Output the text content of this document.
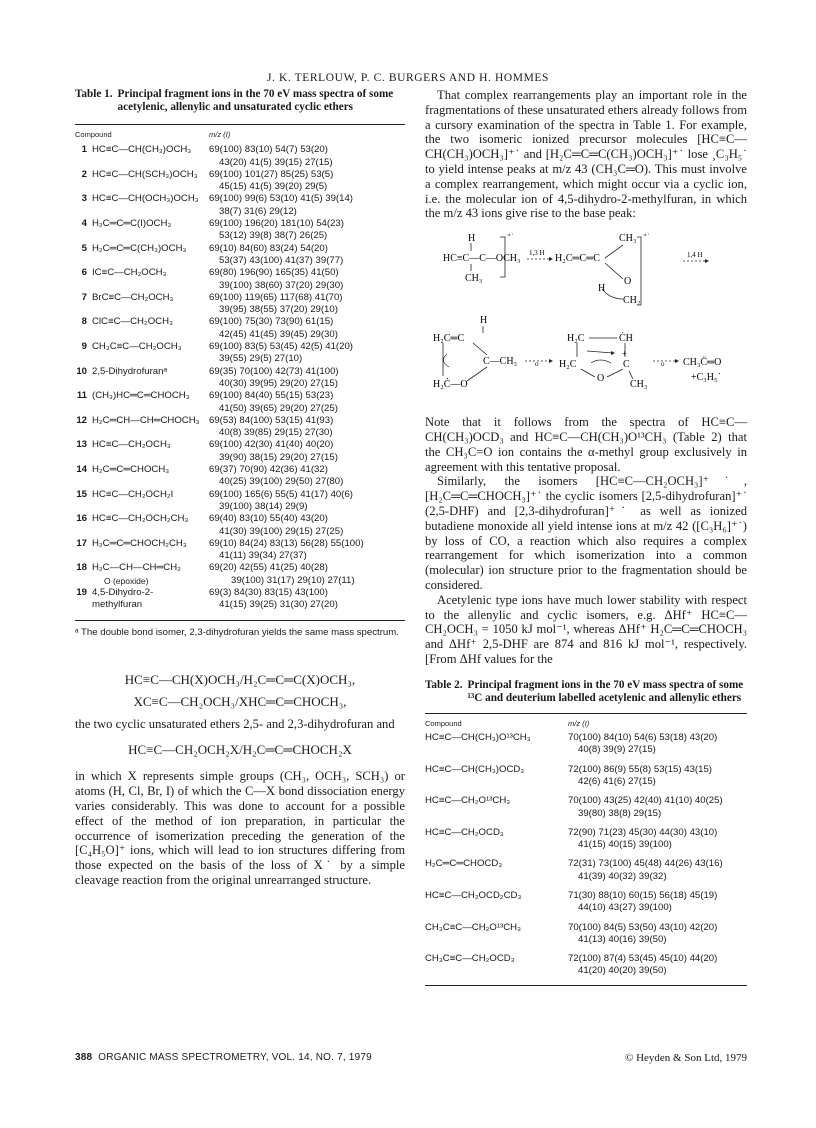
J. K. TERLOUW, P. C. BURGERS AND H. HOMMES
Table 1. Principal fragment ions in the 70 eV mass spectra of some acetylenic, allenylic and unsaturated cyclic ethers
Compound	m/z (I)
1 HC≡C—CH(CH₃)OCH₃	69(100) 83(10) 54(7) 53(20)
43(20) 41(5) 39(15) 27(15)
2 HC≡C—CH(SCH₃)OCH₃	69(100) 101(27) 85(25) 53(5)
45(15) 41(5) 39(20) 29(5)
3 HC≡C—CH(OCH₃)OCH₃	69(100) 99(6) 53(10) 41(5) 39(14)
38(7) 31(6) 29(12)
4 H₂C═C═C(I)OCH₃	69(100) 196(20) 181(10) 54(23)
53(12) 39(8) 38(7) 26(25)
5 H₂C═C═C(CH₃)OCH₃	69(10) 84(60) 83(24) 54(20)
53(37) 43(100) 41(37) 39(77)
6 IC≡C—CH₂OCH₃	69(80) 196(90) 165(35) 41(50)
39(100) 38(60) 37(20) 29(30)
7 BrC≡C—CH₂OCH₃	69(100) 119(65) 117(68) 41(70)
39(95) 38(55) 37(20) 29(10)
8 ClC≡C—CH₂OCH₃	69(100) 75(30) 73(90) 61(15)
42(45) 41(45) 39(45) 29(30)
9 CH₃C≡C—CH₂OCH₃	69(100) 83(5) 53(45) 42(5) 41(20)
39(55) 29(5) 27(10)
10 2,5-Dihydrofuranᵃ	69(35) 70(100) 42(73) 41(100)
40(30) 39(95) 29(20) 27(15)
11 (CH₃)HC═C═CHOCH₃	69(100) 84(40) 55(15) 53(23)
41(50) 39(65) 29(20) 27(25)
12 H₂C═CH—CH═CHOCH₃ 69(53) 84(100) 53(15) 41(93)
40(8) 39(85) 29(15) 27(30)
13 HC≡C—CH₂OCH₃	69(100) 42(30) 41(40) 40(20)
39(90) 38(15) 29(20) 27(15)
14 H₂C═C═CHOCH₃	69(37) 70(90) 42(36) 41(32)
40(25) 39(100) 29(50) 27(80)
15 HC≡C—CH₂OCH₂I	69(100) 165(6) 55(5) 41(17) 40(6)
39(100) 38(14) 29(9)
16 HC≡C—CH₂OCH₂CH₃	69(40) 83(10) 55(40) 43(20)
41(30) 39(100) 29(15) 27(25)
17 H₂C═C═CHOCH₂CH₃	69(10) 84(24) 83(13) 56(28) 55(100)
41(11) 39(34) 27(37)
18 H₂C—CH—CH═CH₂	69(20) 42(55) 41(25) 40(28)
O (epoxide)	39(100) 31(17) 29(10) 27(11)
19 4,5-Dihydro-2-	69(3) 84(30) 83(15) 43(100)
methylfuran	41(15) 39(25) 31(30) 27(20)
ᵃ The double bond isomer, 2,3-dihydrofuran yields the same mass spectrum.
HC≡C—CH(X)OCH₃/H₂C═C═C(X)OCH₃,
XC≡C—CH₂OCH₃/XHC═C═CHOCH₃,

the two cyclic unsaturated ethers 2,5- and 2,3-dihydrofuran and

HC≡C—CH₂OCH₂X/H₂C═C═CHOCH₂X

in which X represents simple groups (CH₃, OCH₃, SCH₃) or atoms (H, Cl, Br, I) of which the C—X bond dissociation energy varies considerably. This was done to account for a possible effect of the method of ion preparation, in particular the occurrence of isomerization preceding the generation of the [C₄H₅O]⁺ ions, which will lead to ion structures differing from those expected on the basis of the loss of X˙ by a simple cleavage reaction from the original unrearranged structure.

That complex rearrangements play an important role in the fragmentations of these unsaturated ethers already follows from a cursory examination of the spectra in Table 1. For example, the two isomeric ionized precursor molecules [HC≡C—CH(CH₃)OCH₃]⁺˙ and [H₂C═C═C(CH₃)OCH₃]⁺˙ lose ¸C₃H₅˙ to yield intense peaks at m/z 43 (CH₃C═O). This must involve a complex rearrangement, which might occur via a cyclic ion, i.e. the molecular ion of 4,5-dihydro-2-methylfuran, in which the m/z 43 ions give rise to the base peak:

H
HC≡C—C—OCH₃
CH₃
⁺˙
1,3 H
CH₃
H₂C═C═C
O
H
CH₂
⁺˙
1,4 H
H
H₂C═C
C—CH₃
H₂Ċ—O
o
H₂C	ĊH
H₂C	C
+
O
CH₃
o CH₃C̈═O
+C₃H₅˙

Note that it follows from the spectra of HC≡C—CH(CH₃)OCD₃ and HC≡C—CH(CH₃)O¹³CH₃ (Table 2) that the CH₃C=O ion contains the α-methyl group exclusively in agreement with this tentative proposal.

Similarly, the isomers [HC≡C—CH₂OCH₃]⁺˙, [H₂C═C═CHOCH₃]⁺˙ the cyclic isomers [2,5-dihydrofuran]⁺˙ (2,5-DHF) and [2,3-dihydrofuran]⁺˙ as well as ionized butadiene monoxide all yield intense ions at m/z 42 ([C₃H₆]⁺˙) by loss of CO, a reaction which also requires a complex rearrangement for which isomerization into a common (molecular) ion structure prior to the fragmentation should be considered.

Acetylenic type ions have much lower stability with respect to the allenylic and cyclic isomers, e.g. ΔHf⁺ HC≡C—CH₂OCH₃ = 1050 kJ mol⁻¹, whereas ΔHf⁺ H₂C═C═CHOCH₃ and ΔHf⁺ 2,5-DHF are 874 and 816 kJ mol⁻¹, respectively. [From ΔHf values for the

Table 2. Principal fragment ions in the 70 eV mass spectra of some ¹³C and deuterium labelled acetylenic and allenylic ethers
Compound	m/z (I)
HC≡C—CH(CH₃)O¹³CH₃	70(100) 84(10) 54(6) 53(18) 43(20)
40(8) 39(9) 27(15)
HC≡C—CH(CH₃)OCD₃	72(100) 86(9) 55(8) 53(15) 43(15)
42(6) 41(6) 27(15)
HC≡C—CH₂O¹³CH₃	70(100) 43(25) 42(40) 41(10) 40(25)
39(80) 38(8) 29(15)
HC≡C—CH₂OCD₃	72(90) 71(23) 45(30) 44(30) 43(10)
41(15) 40(15) 39(100)
H₂C═C═CHOCD₃	72(31) 73(100) 45(48) 44(26) 43(16)
41(39) 40(32) 39(32)
HC≡C—CH₂OCD₂CD₃	71(30) 88(10) 60(15) 56(18) 45(19)
44(10) 43(27) 39(100)
CH₃C≡C—CH₂O¹³CH₃	70(100) 84(5) 53(50) 43(10) 42(20)
41(13) 40(16) 39(50)
CH₃C≡C—CH₂OCD₃	72(100) 87(4) 53(45) 45(10) 44(20)
41(20) 40(20) 39(50)
388 ORGANIC MASS SPECTROMETRY, VOL. 14, NO. 7, 1979	© Heyden & Son Ltd, 1979
